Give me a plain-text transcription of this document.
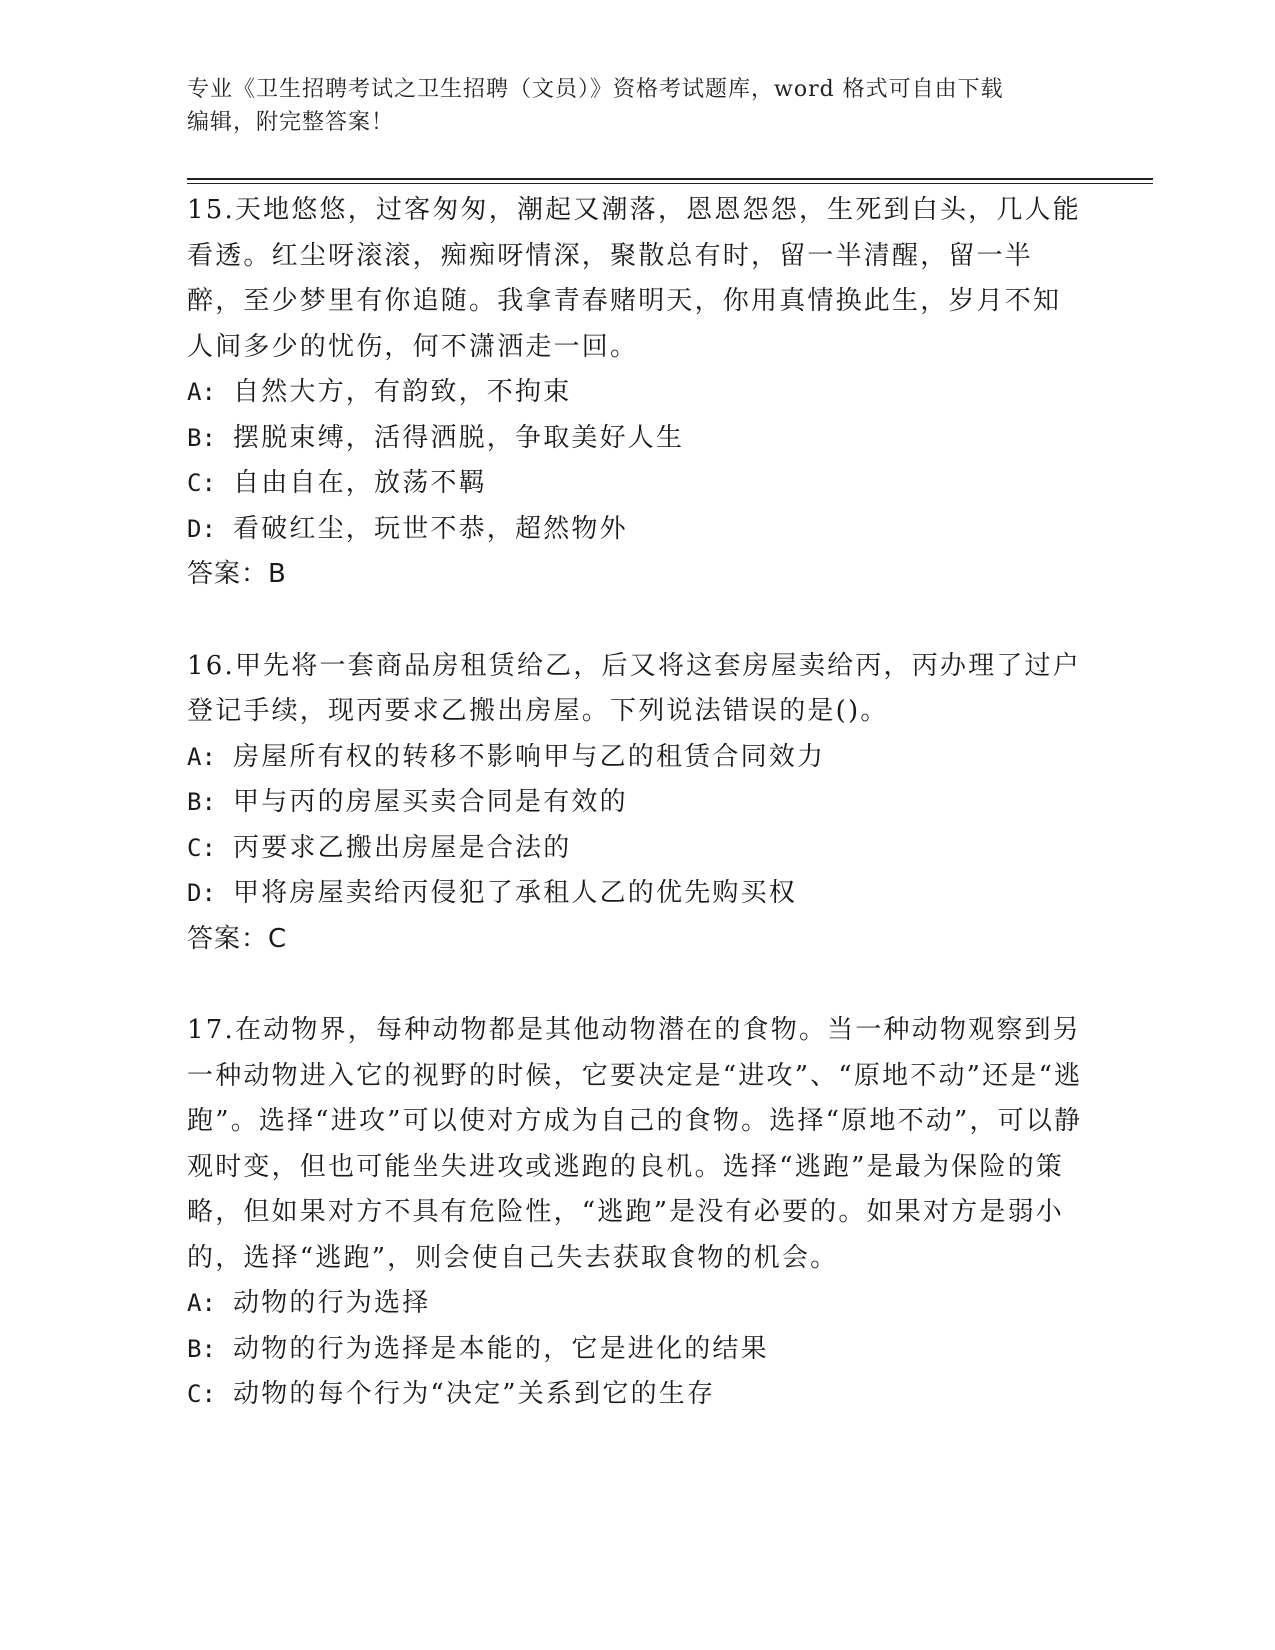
专业《卫生招聘考试之卫生招聘（文员）》资格考试题库，word 格式可自由下载
编辑，附完整答案！

15.天地悠悠，过客匆匆，潮起又潮落，恩恩怨怨，生死到白头，几人能看透。红尘呀滚滚，痴痴呀情深，聚散总有时，留一半清醒，留一半醉，至少梦里有你追随。我拿青春赌明天，你用真情换此生，岁月不知人间多少的忧伤，何不潇洒走一回。

A: 自然大方，有韵致，不拘束

B: 摆脱束缚，活得洒脱，争取美好人生

C: 自由自在，放荡不羁

D: 看破红尘，玩世不恭，超然物外

答案：B

16.甲先将一套商品房租赁给乙，后又将这套房屋卖给丙，丙办理了过户登记手续，现丙要求乙搬出房屋。下列说法错误的是()。

A: 房屋所有权的转移不影响甲与乙的租赁合同效力

B: 甲与丙的房屋买卖合同是有效的

C: 丙要求乙搬出房屋是合法的

D: 甲将房屋卖给丙侵犯了承租人乙的优先购买权

答案：C

17.在动物界，每种动物都是其他动物潜在的食物。当一种动物观察到另一种动物进入它的视野的时候，它要决定是“进攻”、“原地不动”还是“逃跑”。选择“进攻”可以使对方成为自己的食物。选择“原地不动”，可以静观时变，但也可能坐失进攻或逃跑的良机。选择“逃跑”是最为保险的策略，但如果对方不具有危险性，“逃跑”是没有必要的。如果对方是弱小的，选择“逃跑”，则会使自己失去获取食物的机会。

A: 动物的行为选择

B: 动物的行为选择是本能的，它是进化的结果

C: 动物的每个行为“决定”关系到它的生存
